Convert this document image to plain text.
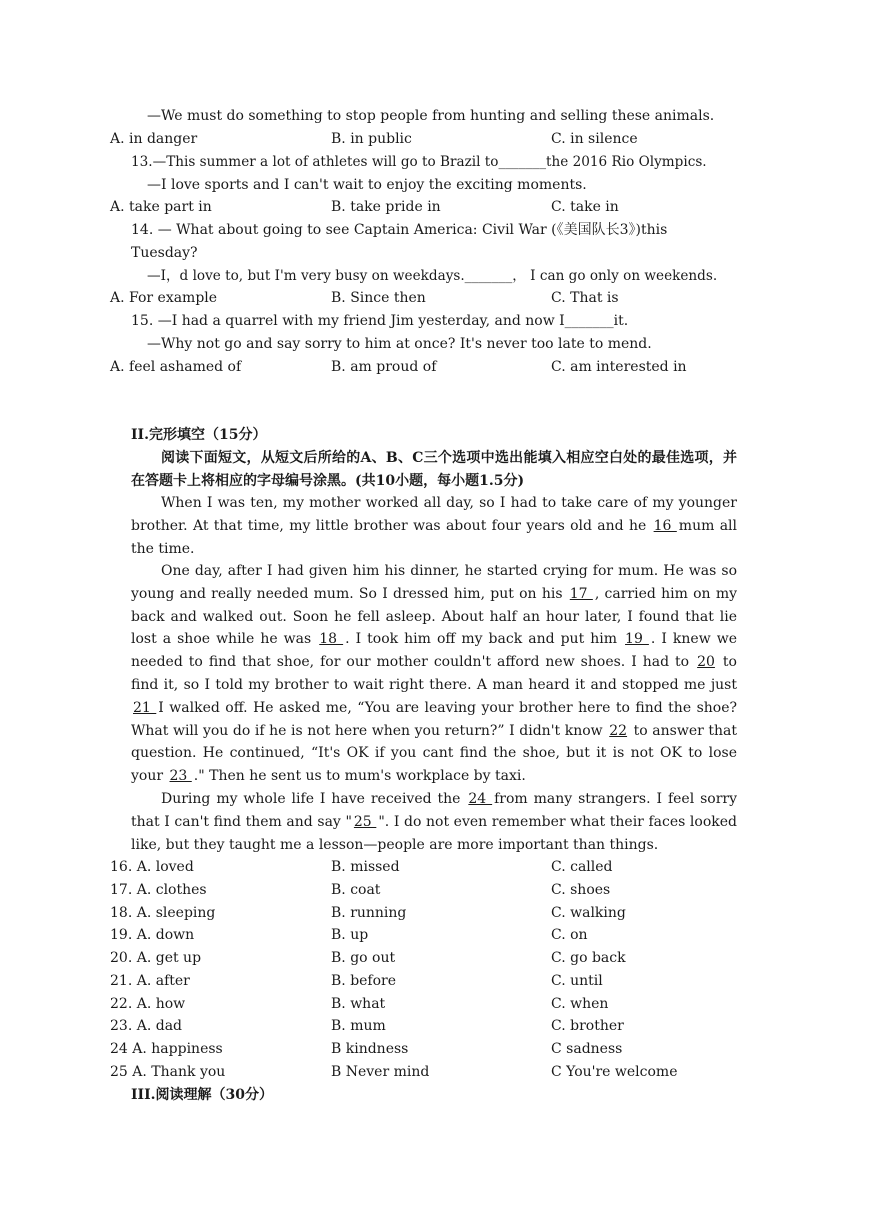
—We must do something to stop people from hunting and selling these animals.
A. in danger	B. in public	C. in silence
13.—This summer a lot of athletes will go to Brazil to_______the 2016 Rio Olympics.
—I love sports and I can't wait to enjoy the exciting moments.
A. take part in	B. take pride in	C. take in
14. — What about going to see Captain America: Civil War (《美国队长3》)this
Tuesday?
—I，d love to, but I'm very busy on weekdays._______， I can go only on weekends.
A. For example	B. Since then	C. That is
15. —I had a quarrel with my friend Jim yesterday, and now I_______it.
—Why not go and say sorry to him at once? It's never too late to mend.
A. feel ashamed of	B. am proud of	C. am interested in
II.完形填空（15分）
阅读下面短文，从短文后所给的A、B、C三个选项中选出能填入相应空白处的最佳选项，并在答题卡上将相应的字母编号涂黑。(共10小题，每小题1.5分)
When I was ten, my mother worked all day, so I had to take care of my younger brother. At that time, my little brother was about four years old and he 16 mum all the time.
One day, after I had given him his dinner, he started crying for mum. He was so young and really needed mum. So I dressed him, put on his 17 , carried him on my back and walked out. Soon he fell asleep. About half an hour later, I found that lie lost a shoe while he was 18 . I took him off my back and put him 19 . I knew we needed to find that shoe, for our mother couldn't afford new shoes. I had to 20 to find it, so I told my brother to wait right there. A man heard it and stopped me just 21 I walked off. He asked me, “You are leaving your brother here to find the shoe? What will you do if he is not here when you return?” I didn't know 22 to answer that question. He continued, “It's OK if you cant find the shoe, but it is not OK to lose your 23 ." Then he sent us to mum's workplace by taxi.
During my whole life I have received the 24 from many strangers. I feel sorry that I can't find them and say " 25 ". I do not even remember what their faces looked like, but they taught me a lesson—people are more important than things.
16. A. loved	B. missed	C. called
17. A. clothes	B. coat	C. shoes
18. A. sleeping	B. running	C. walking
19. A. down	B. up	C. on
20. A. get up	B. go out	C. go back
21. A. after	B. before	C. until
22. A. how	B. what	C. when
23. A. dad	B. mum	C. brother
24 A. happiness	B kindness	C sadness
25 A. Thank you	B Never mind	C You're welcome
III.阅读理解（30分）
